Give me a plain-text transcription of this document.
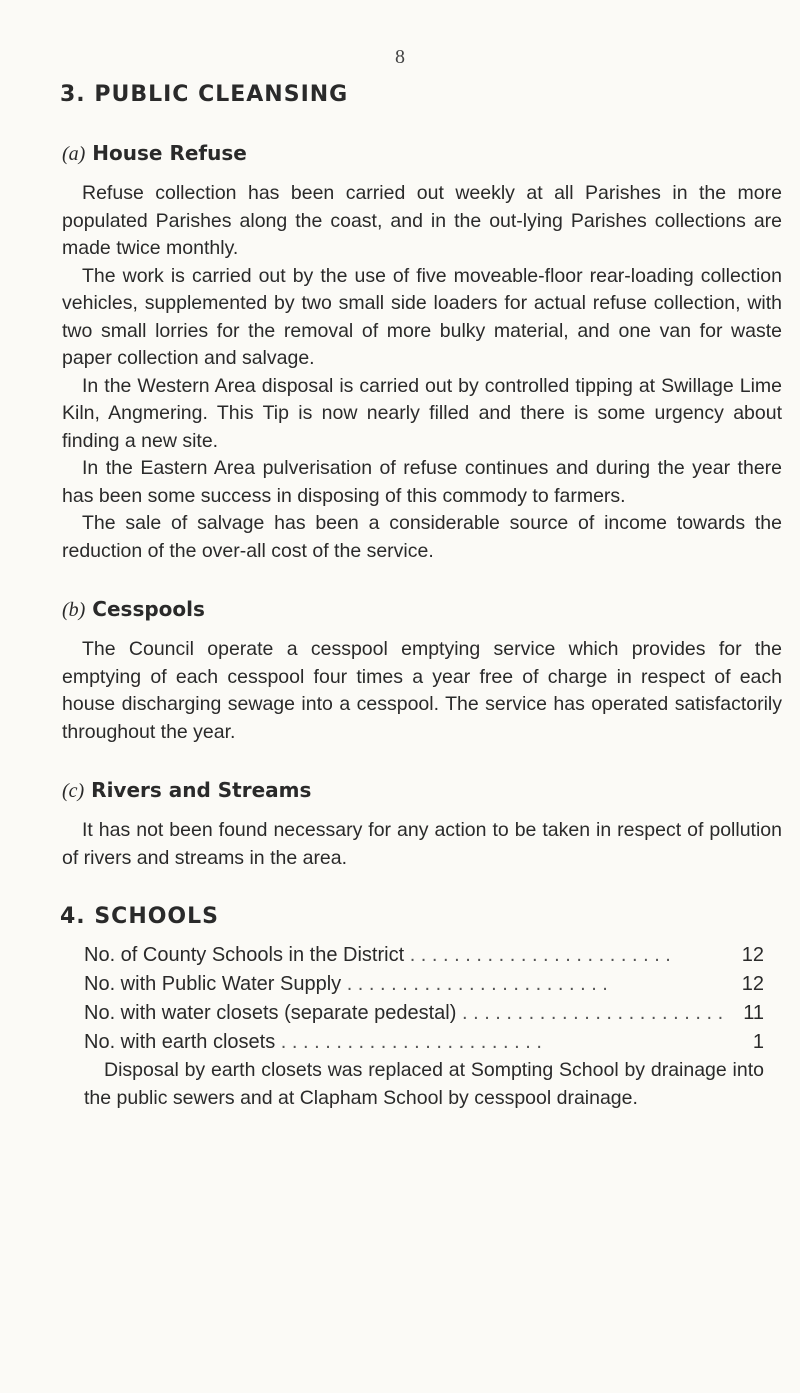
8
3. PUBLIC CLEANSING
(a) House Refuse

Refuse collection has been carried out weekly at all Parishes in the more populated Parishes along the coast, and in the out-lying Parishes collections are made twice monthly.

The work is carried out by the use of five moveable-floor rear-loading collection vehicles, supplemented by two small side loaders for actual refuse collection, with two small lorries for the removal of more bulky material, and one van for waste paper collection and salvage.

In the Western Area disposal is carried out by controlled tipping at Swillage Lime Kiln, Angmering. This Tip is now nearly filled and there is some urgency about finding a new site.

In the Eastern Area pulverisation of refuse continues and during the year there has been some success in disposing of this commody to farmers.

The sale of salvage has been a considerable source of income towards the reduction of the over-all cost of the service.

(b) Cesspools

The Council operate a cesspool emptying service which provides for the emptying of each cesspool four times a year free of charge in respect of each house discharging sewage into a cesspool. The service has operated satisfactorily throughout the year.

(c) Rivers and Streams

It has not been found necessary for any action to be taken in respect of pollution of rivers and streams in the area.

4. SCHOOLS
No. of County Schools in the District . . .	12
No. with Public Water Supply . . .	12
No. with water closets (separate pedestal) . . .	11
No. with earth closets . . .	1

Disposal by earth closets was replaced at Sompting School by drainage into the public sewers and at Clapham School by cesspool drainage.
